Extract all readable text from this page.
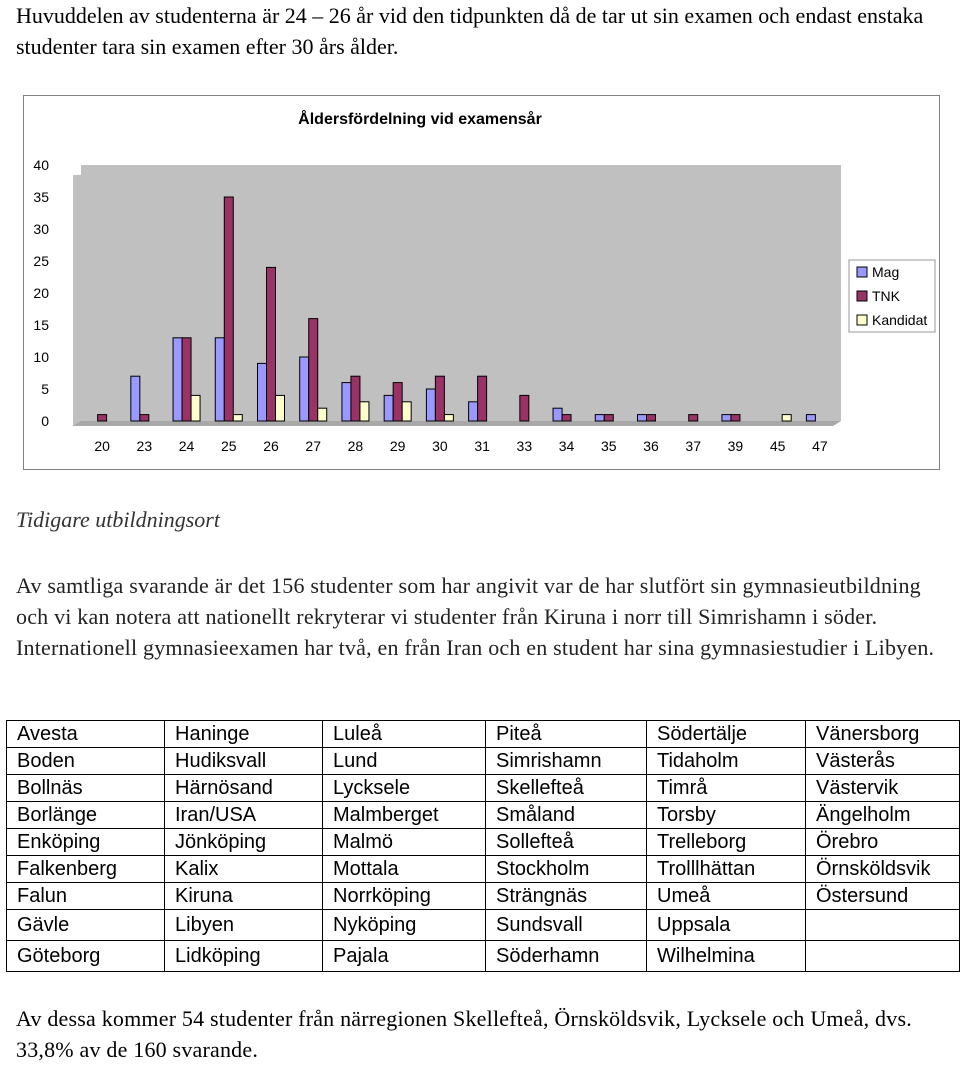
Huvuddelen av studenterna är 24 – 26 år vid den tidpunkten då de tar ut sin examen och endast enstaka studenter tara sin examen efter 30 års ålder.

Åldersfördelning vid examensår
0
5
10
15
20
25
30
35
40
20 23 24 25 26 27 28 29 30 31 33 34 35 36 37 39 45 47
Mag
TNK
Kandidat
Tidigare utbildningsort

Av samtliga svarande är det 156 studenter som har angivit var de har slutfört sin gymnasieutbildning och vi kan notera att nationellt rekryterar vi studenter från Kiruna i norr till Simrishamn i söder. Internationell gymnasieexamen har två, en från Iran och en student har sina gymnasiestudier i Libyen.

Avesta	Haninge	Luleå	Piteå	Södertälje	Vänersborg
Boden	Hudiksvall	Lund	Simrishamn	Tidaholm	Västerås
Bollnäs	Härnösand	Lycksele	Skellefteå	Timrå	Västervik
Borlänge	Iran/USA	Malmberget	Småland	Torsby	Ängelholm
Enköping	Jönköping	Malmö	Sollefteå	Trelleborg	Örebro
Falkenberg	Kalix	Mottala	Stockholm	Trolllhättan	Örnsköldsvik
Falun	Kiruna	Norrköping	Strängnäs	Umeå	Östersund
Gävle	Libyen	Nyköping	Sundsvall	Uppsala	
Göteborg	Lidköping	Pajala	Söderhamn	Wilhelmina	

Av dessa kommer 54 studenter från närregionen Skellefteå, Örnsköldsvik, Lycksele och Umeå, dvs. 33,8% av de 160 svarande.
